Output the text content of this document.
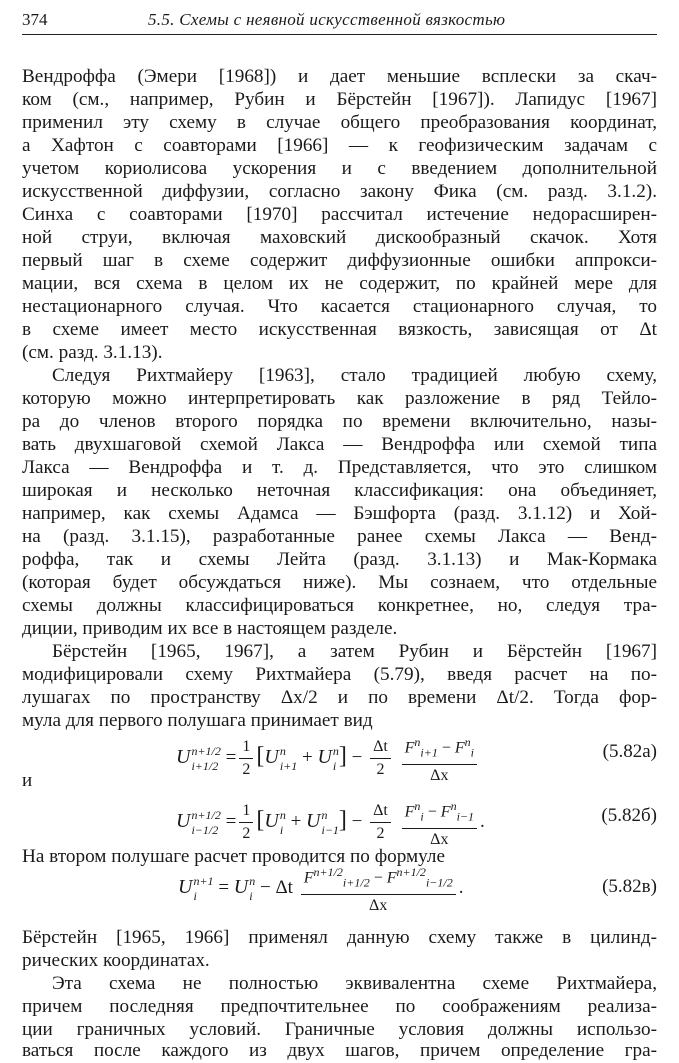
374	5.5. Схемы с неявной искусственной вязкостью
Вендроффа (Эмери [1968]) и дает меньшие всплески за скач-
ком (см., например, Рубин и Бёрстейн [1967]). Лапидус [1967]
применил эту схему в случае общего преобразования координат,
а Хафтон с соавторами [1966] — к геофизическим задачам с
учетом кориолисова ускорения и с введением дополнительной
искусственной диффузии, согласно закону Фика (см. разд. 3.1.2).
Синха с соавторами [1970] рассчитал истечение недорасширен-
ной струи, включая маховский дискообразный скачок. Хотя
первый шаг в схеме содержит диффузионные ошибки аппрокси-
мации, вся схема в целом их не содержит, по крайней мере для
нестационарного случая. Что касается стационарного случая, то
в схеме имеет место искусственная вязкость, зависящая от Δt
(см. разд. 3.1.13).
Следуя Рихтмайеру [1963], стало традицией любую схему,
которую можно интерпретировать как разложение в ряд Тейло-
ра до членов второго порядка по времени включительно, назы-
вать двухшаговой схемой Лакса — Вендроффа или схемой типа
Лакса — Вендроффа и т. д. Представляется, что это слишком
широкая и несколько неточная классификация: она объединяет,
например, как схемы Адамса — Бэшфорта (разд. 3.1.12) и Хой-
на (разд. 3.1.15), разработанные ранее схемы Лакса — Венд-
роффа, так и схемы Лейта (разд. 3.1.13) и Мак-Кормака
(которая будет обсуждаться ниже). Мы сознаем, что отдельные
схемы должны классифицироваться конкретнее, но, следуя тра-
диции, приводим их все в настоящем разделе.
Бёрстейн [1965, 1967], а затем Рубин и Бёрстейн [1967]
модифицировали схему Рихтмайера (5.79), введя расчет на по-
лушагах по пространству Δx/2 и по времени Δt/2. Тогда фор-
мула для первого полушага принимает вид
U n+1/2
$i+1/2 = \frac{1}{2} [U$ n
i+1 + U n
i ] − $\frac{\Delta t}{2}$
$\frac{F^n_{i+1} - F^n_i}{\Delta x}$	(5.82а)
и
U n+1/2
$i-1/2 = \frac{1}{2} [U$ n
i + U n
i−1 ] − $\frac{\Delta t}{2}$
$\frac{F^n_i - F^n_{i-1}}{\Delta x}$ .	(5.82б)
На втором полушаге расчет проводится по формуле
U n+1
i = U n
i − Δt $\frac{F^{n+1/2}_{i+1/2} - F^{n+1/2}_{i-1/2}}{\Delta x}$ .	(5.82в)
Бёрстейн [1965, 1966] применял данную схему также в цилинд-
рических координатах.
Эта схема не полностью эквивалентна схеме Рихтмайера,
причем последняя предпочтительнее по соображениям реализа-
ции граничных условий. Граничные условия должны использо-
ваться после каждого из двух шагов, причем определение гра-
